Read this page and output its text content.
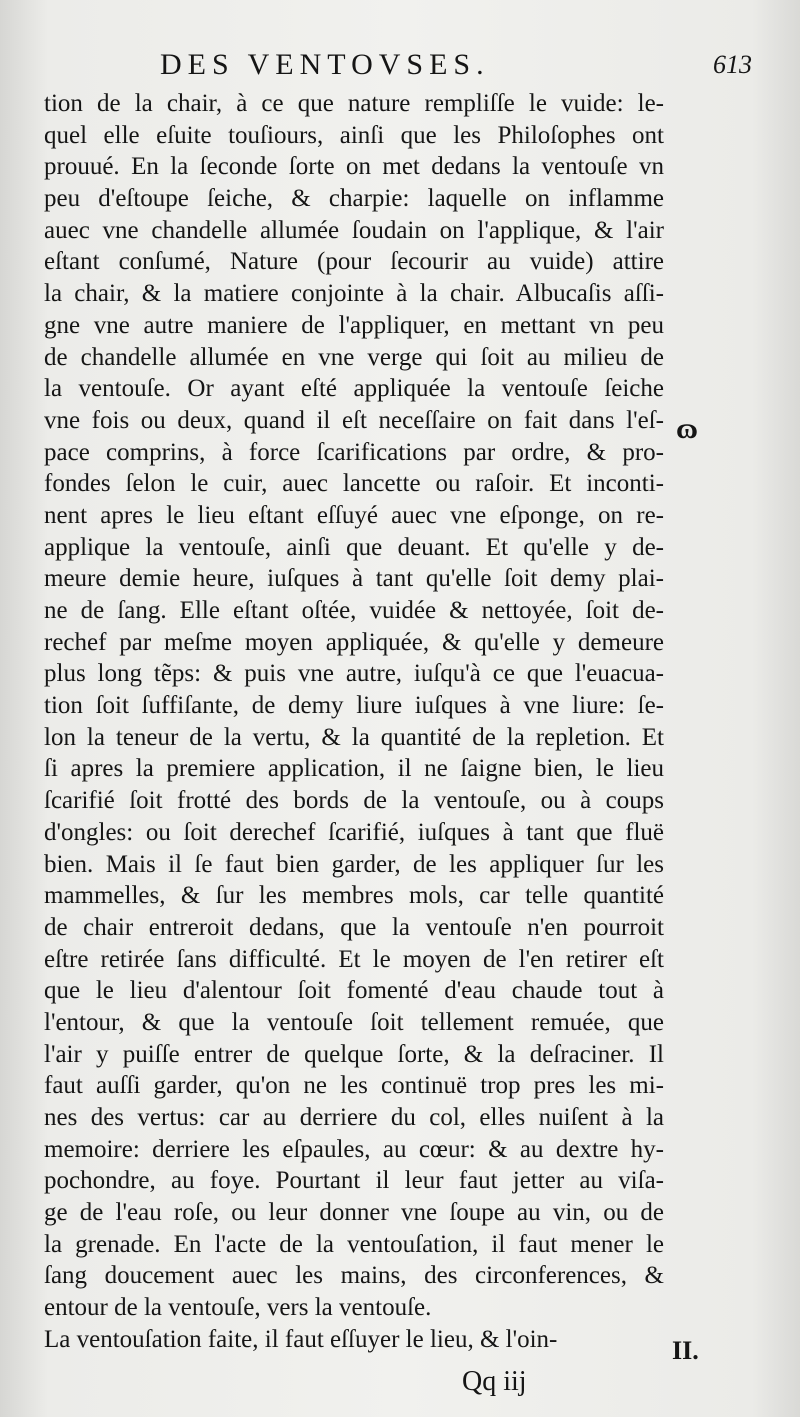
DES VENTOVSES.	613
tion de la chair, à ce que nature rempliſſe le vuide: le-
quel elle eſuite touſiours, ainſi que les Philoſophes ont
prouué. En la ſeconde ſorte on met dedans la ventouſe vn
peu d'eſtoupe ſeiche, & charpie: laquelle on inflamme
auec vne chandelle allumée ſoudain on l'applique, & l'air
eſtant conſumé, Nature (pour ſecourir au vuide) attire
la chair, & la matiere conjointe à la chair. Albucaſis aſſi-
gne vne autre maniere de l'appliquer, en mettant vn peu
de chandelle allumée en vne verge qui ſoit au milieu de
la ventouſe. Or ayant eſté appliquée la ventouſe ſeiche
vne fois ou deux, quand il eſt neceſſaire on fait dans l'eſ-
pace comprins, à force ſcarifications par ordre, & pro-
fondes ſelon le cuir, auec lancette ou raſoir. Et inconti-
nent apres le lieu eſtant eſſuyé auec vne eſponge, on re-
applique la ventouſe, ainſi que deuant. Et qu'elle y de-
meure demie heure, iuſques à tant qu'elle ſoit demy plai-
ne de ſang. Elle eſtant oſtée, vuidée & nettoyée, ſoit de-
rechef par meſme moyen appliquée, & qu'elle y demeure
plus long tẽps: & puis vne autre, iuſqu'à ce que l'euacua-
tion ſoit ſuffiſante, de demy liure iuſques à vne liure: ſe-
lon la teneur de la vertu, & la quantité de la repletion. Et
ſi apres la premiere application, il ne ſaigne bien, le lieu
ſcarifié ſoit frotté des bords de la ventouſe, ou à coups
d'ongles: ou ſoit derechef ſcarifié, iuſques à tant que fluë
bien. Mais il ſe faut bien garder, de les appliquer ſur les
mammelles, & ſur les membres mols, car telle quantité
de chair entreroit dedans, que la ventouſe n'en pourroit
eſtre retirée ſans difficulté. Et le moyen de l'en retirer eſt
que le lieu d'alentour ſoit fomenté d'eau chaude tout à
l'entour, & que la ventouſe ſoit tellement remuée, que
l'air y puiſſe entrer de quelque ſorte, & la deſraciner. Il
faut auſſi garder, qu'on ne les continuë trop pres les mi-
nes des vertus: car au derriere du col, elles nuiſent à la
memoire: derriere les eſpaules, au cœur: & au dextre hy-
pochondre, au foye. Pourtant il leur faut jetter au viſa-
ge de l'eau roſe, ou leur donner vne ſoupe au vin, ou de
la grenade. En l'acte de la ventouſation, il faut mener le
ſang doucement auec les mains, des circonferences, &
entour de la ventouſe, vers la ventouſe.
La ventouſation faite, il faut eſſuyer le lieu, & l'oin-
ɷ
II.
Qq iij
